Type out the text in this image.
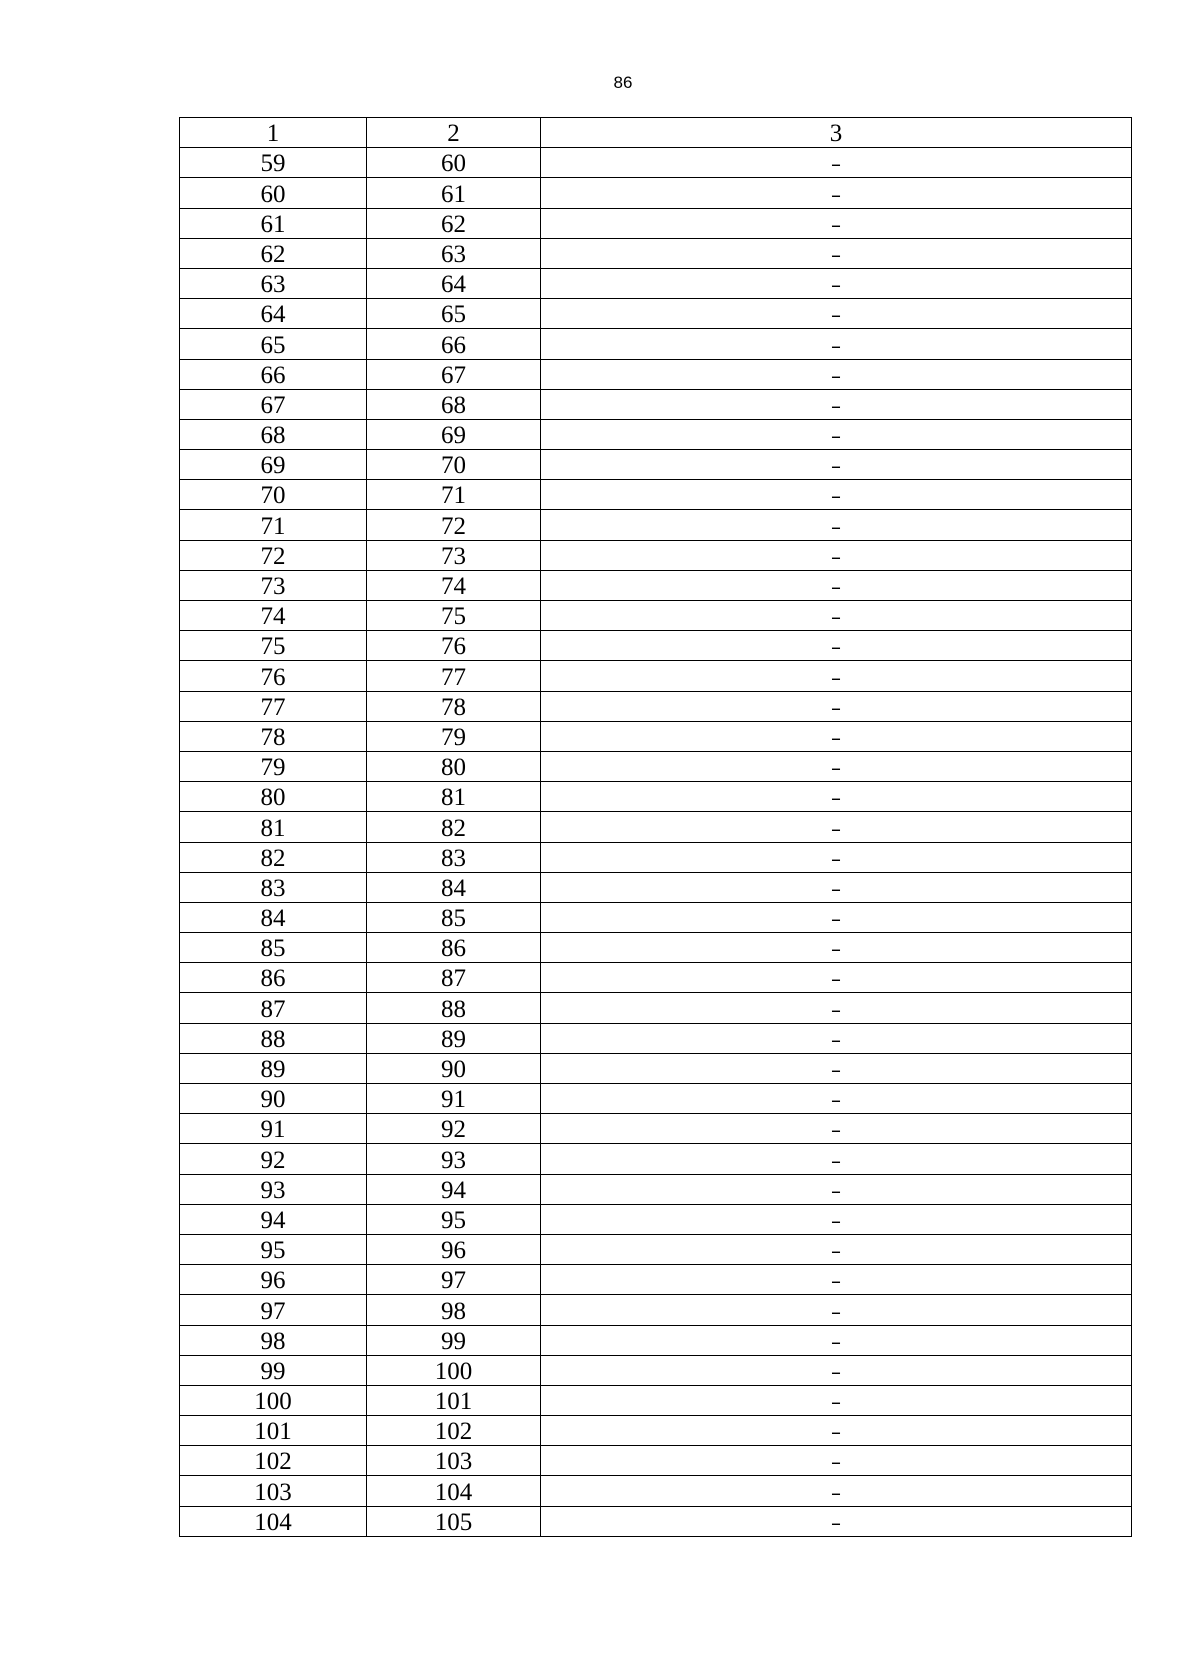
86
1	2	3
59	60	–
60	61	–
61	62	–
62	63	–
63	64	–
64	65	–
65	66	–
66	67	–
67	68	–
68	69	–
69	70	–
70	71	–
71	72	–
72	73	–
73	74	–
74	75	–
75	76	–
76	77	–
77	78	–
78	79	–
79	80	–
80	81	–
81	82	–
82	83	–
83	84	–
84	85	–
85	86	–
86	87	–
87	88	–
88	89	–
89	90	–
90	91	–
91	92	–
92	93	–
93	94	–
94	95	–
95	96	–
96	97	–
97	98	–
98	99	–
99	100	–
100	101	–
101	102	–
102	103	–
103	104	–
104	105	–
